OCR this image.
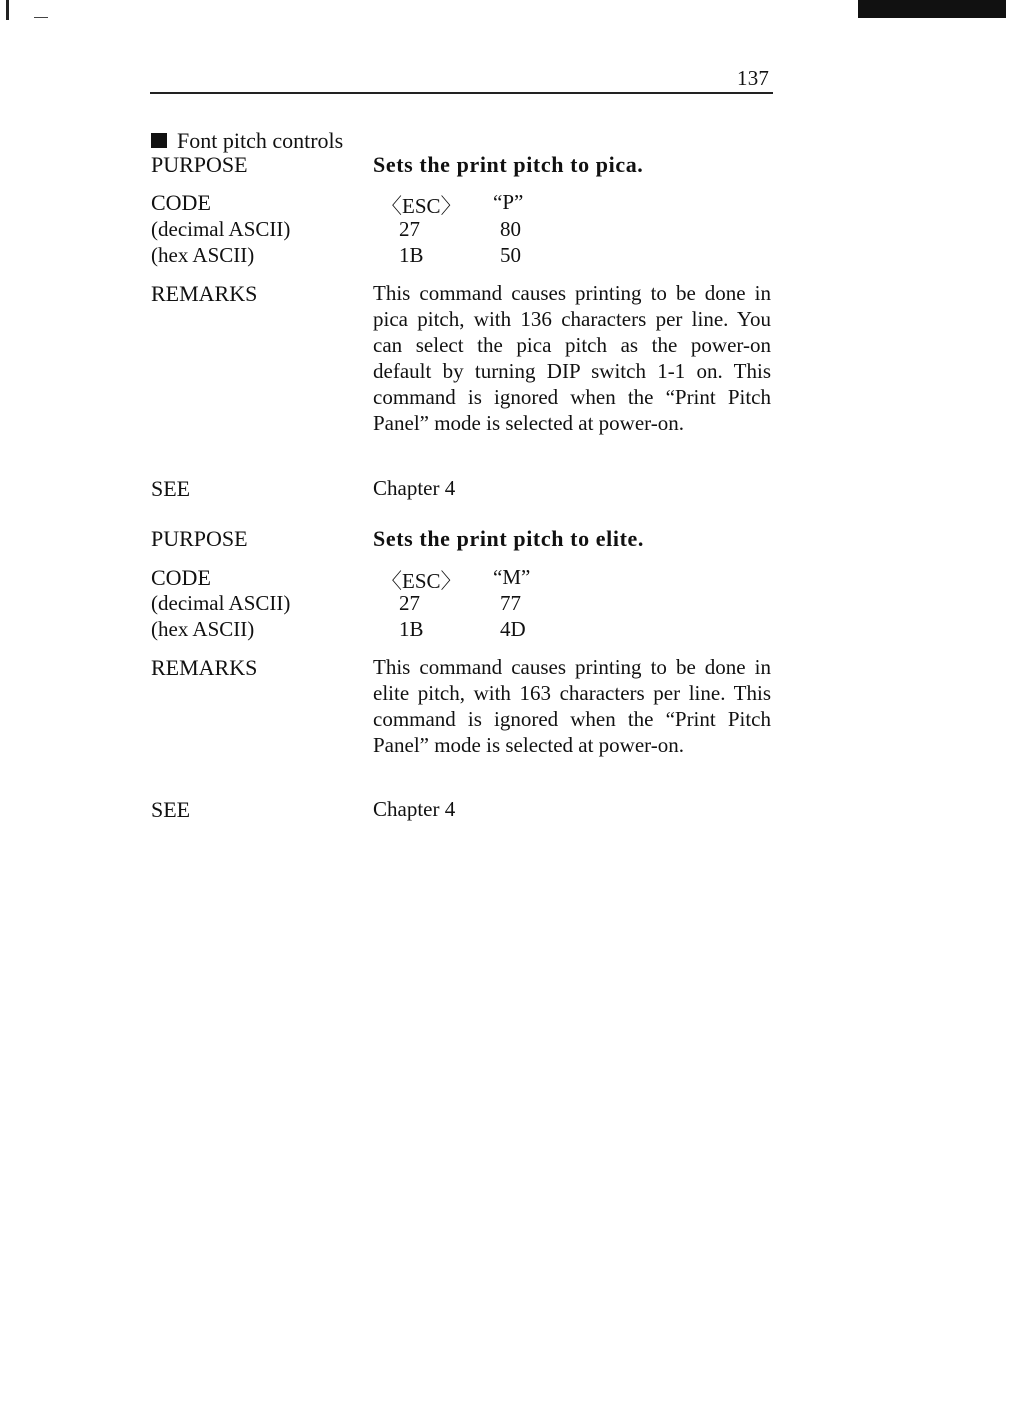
137
Font pitch controls
PURPOSE	Sets the print pitch to pica.
CODE	〈ESC〉 “P”
(decimal ASCII)	27	80
(hex ASCII)	1B	50
REMARKS	This command causes printing to be done in pica pitch, with 136 characters per line. You can select the pica pitch as the power-on default by turning DIP switch 1-1 on. This command is ignored when the “Print Pitch Panel” mode is selected at power-on.
SEE	Chapter 4
PURPOSE	Sets the print pitch to elite.
CODE	〈ESC〉 “M”
(decimal ASCII)	27	77
(hex ASCII)	1B	4D
REMARKS	This command causes printing to be done in elite pitch, with 163 characters per line. This command is ignored when the “Print Pitch Panel” mode is selected at power-on.
SEE	Chapter 4
